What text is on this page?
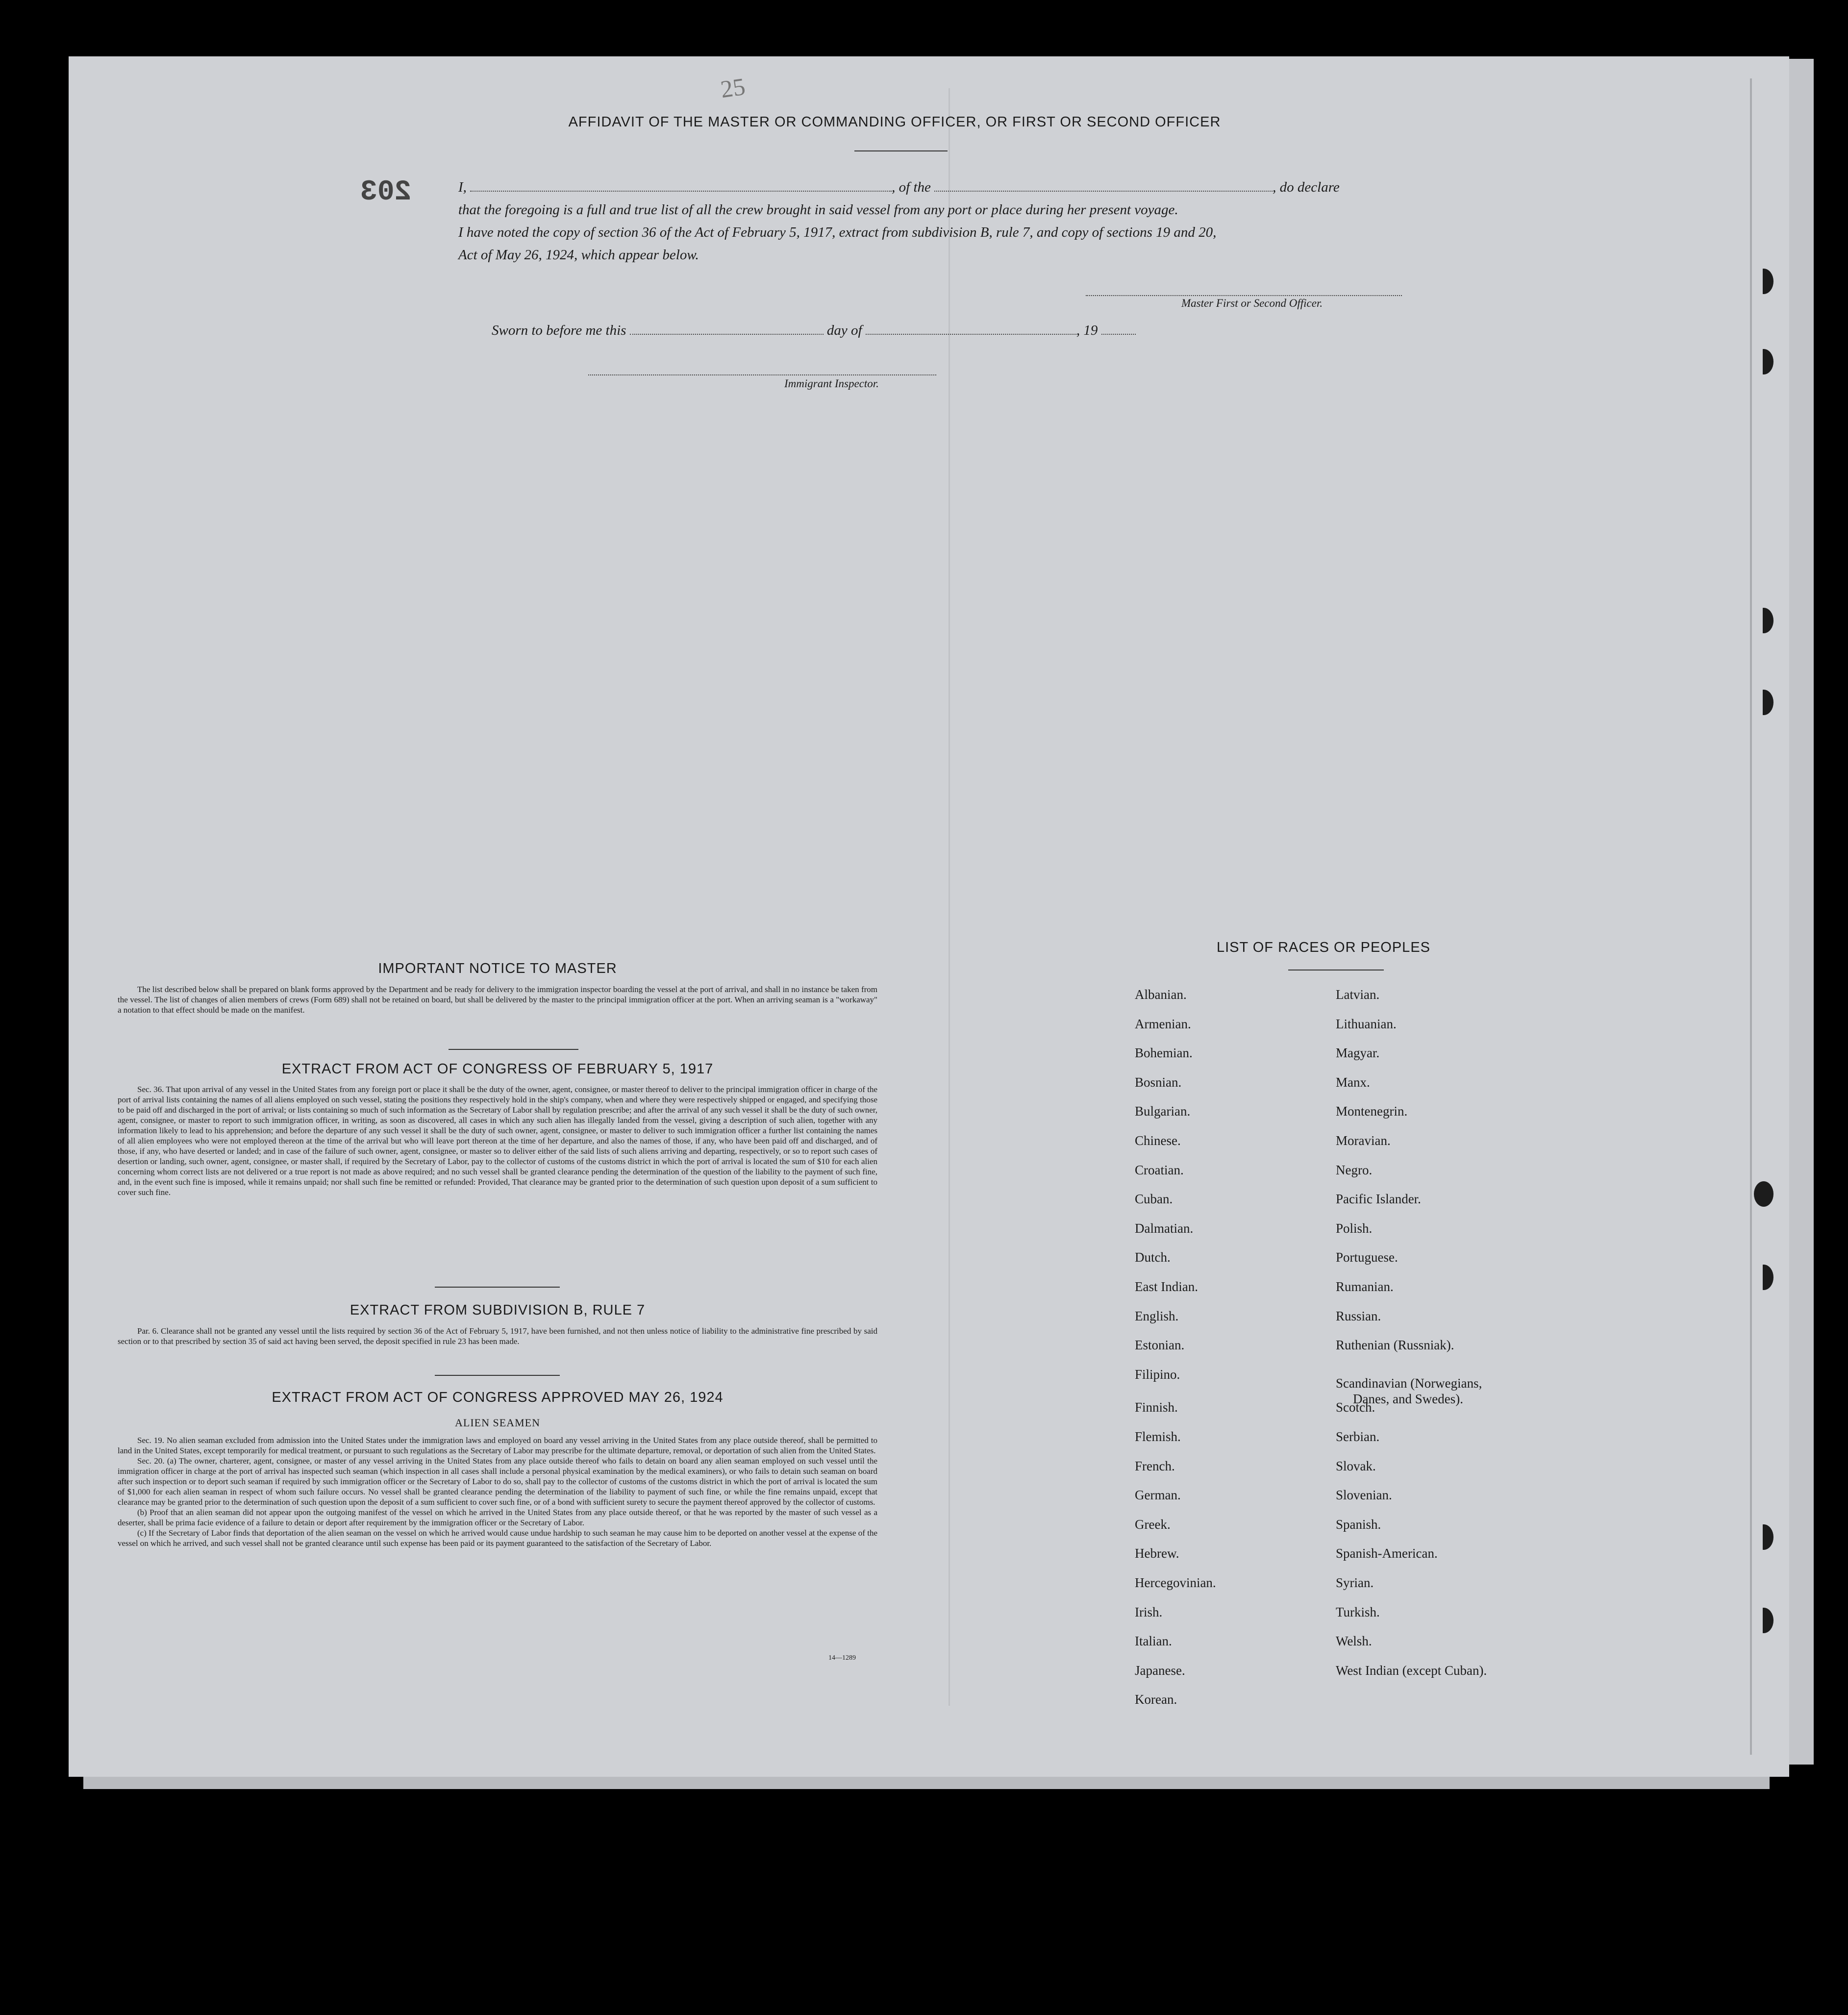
203
25
AFFIDAVIT OF THE MASTER OR COMMANDING OFFICER, OR FIRST OR SECOND OFFICER
I,	, of the	, do declare
that the foregoing is a full and true list of all the crew brought in said vessel from any port or place during her present voyage.
I have noted the copy of section 36 of the Act of February 5, 1917, extract from subdivision B, rule 7, and copy of sections 19 and 20,
Act of May 26, 1924, which appear below.
Master First or Second Officer.
Sworn to before me this	day of	, 19
Immigrant Inspector.
IMPORTANT NOTICE TO MASTER
The list described below shall be prepared on blank forms approved by the Department and be ready for delivery to the immigration inspector boarding the vessel at the port of arrival, and shall in no instance be taken from the vessel. The list of changes of alien members of crews (Form 689) shall not be retained on board, but shall be delivered by the master to the principal immigration officer at the port. When an arriving seaman is a "workaway" a notation to that effect should be made on the manifest.
EXTRACT FROM ACT OF CONGRESS OF FEBRUARY 5, 1917
Sec. 36. That upon arrival of any vessel in the United States from any foreign port or place it shall be the duty of the owner, agent, consignee, or master thereof to deliver to the principal immigration officer in charge of the port of arrival lists containing the names of all aliens employed on such vessel, stating the positions they respectively hold in the ship's company, when and where they were respectively shipped or engaged, and specifying those to be paid off and discharged in the port of arrival; or lists containing so much of such information as the Secretary of Labor shall by regulation prescribe; and after the arrival of any such vessel it shall be the duty of such owner, agent, consignee, or master to report to such immigration officer, in writing, as soon as discovered, all cases in which any such alien has illegally landed from the vessel, giving a description of such alien, together with any information likely to lead to his apprehension; and before the departure of any such vessel it shall be the duty of such owner, agent, consignee, or master to deliver to such immigration officer a further list containing the names of all alien employees who were not employed thereon at the time of the arrival but who will leave port thereon at the time of her departure, and also the names of those, if any, who have been paid off and discharged, and of those, if any, who have deserted or landed; and in case of the failure of such owner, agent, consignee, or master so to deliver either of the said lists of such aliens arriving and departing, respectively, or so to report such cases of desertion or landing, such owner, agent, consignee, or master shall, if required by the Secretary of Labor, pay to the collector of customs of the customs district in which the port of arrival is located the sum of $10 for each alien concerning whom correct lists are not delivered or a true report is not made as above required; and no such vessel shall be granted clearance pending the determination of the question of the liability to the payment of such fine, and, in the event such fine is imposed, while it remains unpaid; nor shall such fine be remitted or refunded: Provided, That clearance may be granted prior to the determination of such question upon deposit of a sum sufficient to cover such fine.
EXTRACT FROM SUBDIVISION B, RULE 7
Par. 6. Clearance shall not be granted any vessel until the lists required by section 36 of the Act of February 5, 1917, have been furnished, and not then unless notice of liability to the administrative fine prescribed by said section or to that prescribed by section 35 of said act having been served, the deposit specified in rule 23 has been made.
EXTRACT FROM ACT OF CONGRESS APPROVED MAY 26, 1924
ALIEN SEAMEN
Sec. 19. No alien seaman excluded from admission into the United States under the immigration laws and employed on board any vessel arriving in the United States from any place outside thereof, shall be permitted to land in the United States, except temporarily for medical treatment, or pursuant to such regulations as the Secretary of Labor may prescribe for the ultimate departure, removal, or deportation of such alien from the United States.
Sec. 20. (a) The owner, charterer, agent, consignee, or master of any vessel arriving in the United States from any place outside thereof who fails to detain on board any alien seaman employed on such vessel until the immigration officer in charge at the port of arrival has inspected such seaman (which inspection in all cases shall include a personal physical examination by the medical examiners), or who fails to detain such seaman on board after such inspection or to deport such seaman if required by such immigration officer or the Secretary of Labor to do so, shall pay to the collector of customs of the customs district in which the port of arrival is located the sum of $1,000 for each alien seaman in respect of whom such failure occurs. No vessel shall be granted clearance pending the determination of the liability to payment of such fine, or while the fine remains unpaid, except that clearance may be granted prior to the determination of such question upon the deposit of a sum sufficient to cover such fine, or of a bond with sufficient surety to secure the payment thereof approved by the collector of customs.
(b) Proof that an alien seaman did not appear upon the outgoing manifest of the vessel on which he arrived in the United States from any place outside thereof, or that he was reported by the master of such vessel as a deserter, shall be prima facie evidence of a failure to detain or deport after requirement by the immigration officer or the Secretary of Labor.
(c) If the Secretary of Labor finds that deportation of the alien seaman on the vessel on which he arrived would cause undue hardship to such seaman he may cause him to be deported on another vessel at the expense of the vessel on which he arrived, and such vessel shall not be granted clearance until such expense has been paid or its payment guaranteed to the satisfaction of the Secretary of Labor.
14—1289
LIST OF RACES OR PEOPLES
Albanian.
Armenian.
Bohemian.
Bosnian.
Bulgarian.
Chinese.
Croatian.
Cuban.
Dalmatian.
Dutch.
East Indian.
English.
Estonian.
Filipino.
Finnish.
Flemish.
French.
German.
Greek.
Hebrew.
Hercegovinian.
Irish.
Italian.
Japanese.
Korean.
Latvian.
Lithuanian.
Magyar.
Manx.
Montenegrin.
Moravian.
Negro.
Pacific Islander.
Polish.
Portuguese.
Rumanian.
Russian.
Ruthenian (Russniak).
Scandinavian (Norwegians,
Danes, and Swedes).
Scotch.
Serbian.
Slovak.
Slovenian.
Spanish.
Spanish-American.
Syrian.
Turkish.
Welsh.
West Indian (except Cuban).
